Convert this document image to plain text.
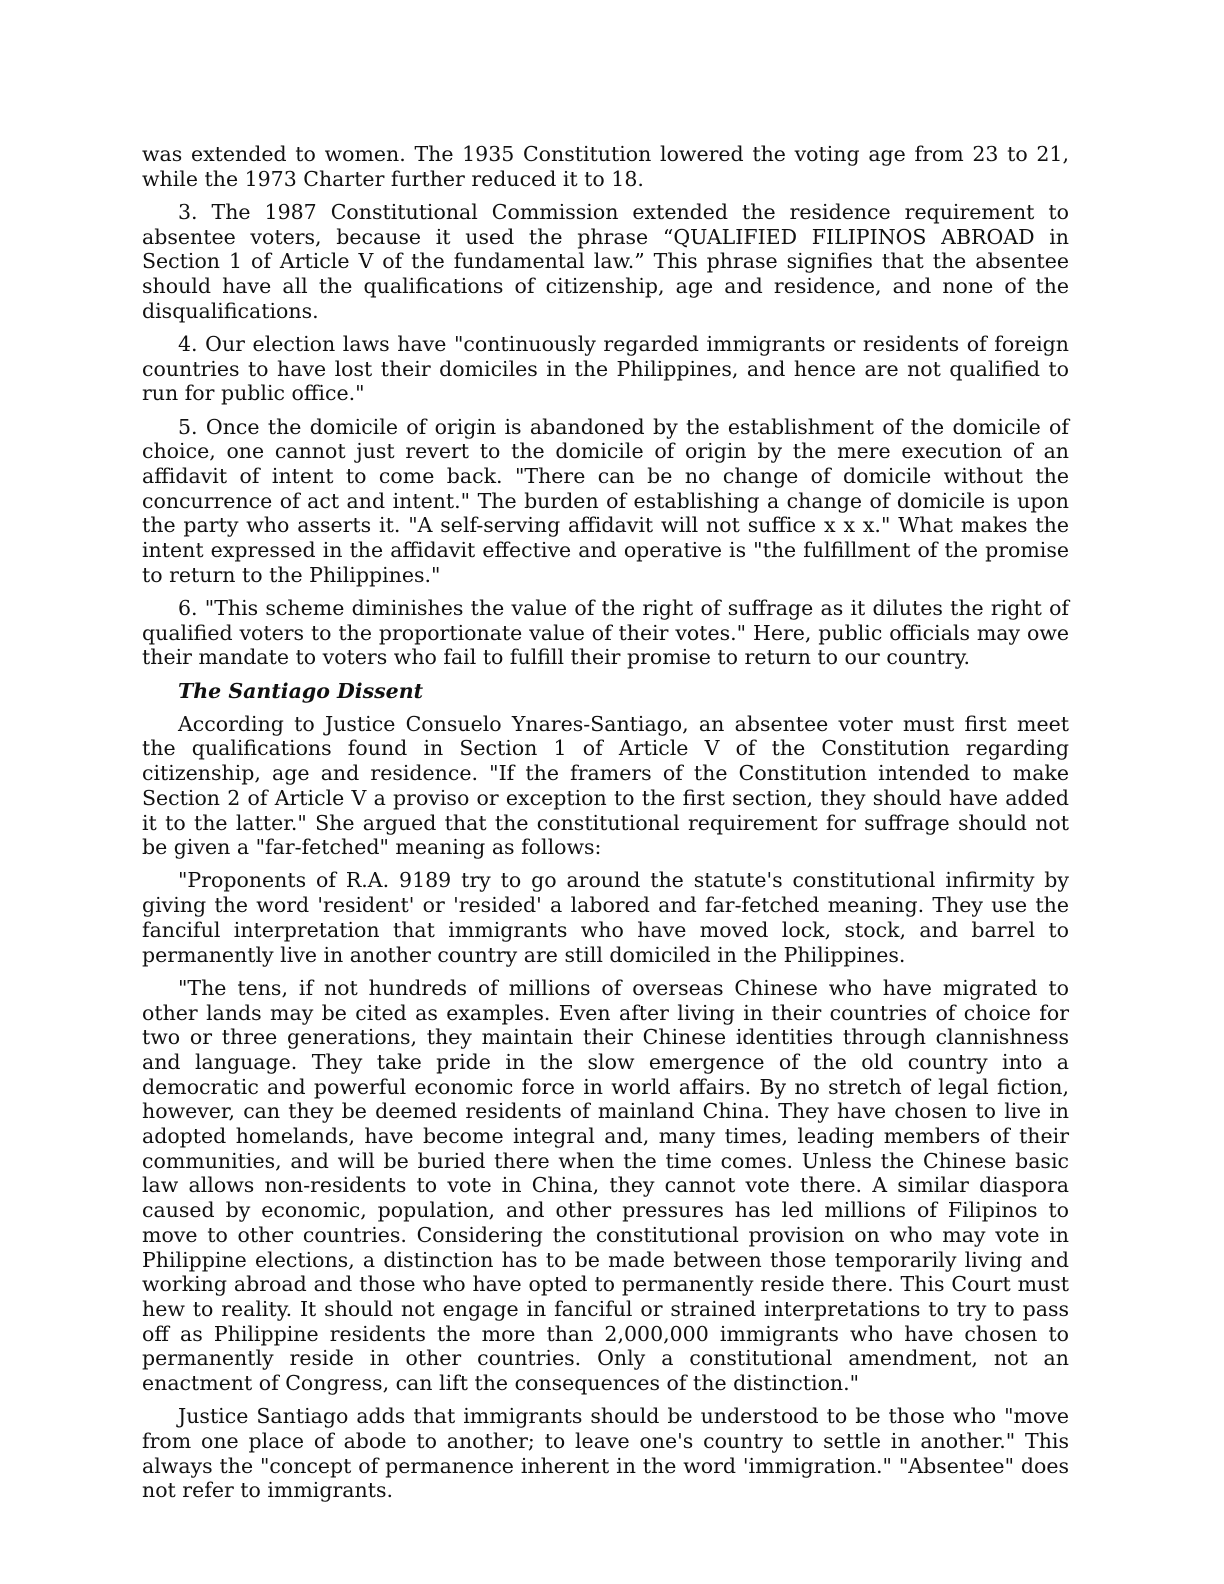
was extended to women. The 1935 Constitution lowered the voting age from 23 to 21, while the 1973 Charter further reduced it to 18.

3. The 1987 Constitutional Commission extended the residence requirement to absentee voters, because it used the phrase “QUALIFIED FILIPINOS ABROAD in Section 1 of Article V of the fundamental law.” This phrase signifies that the absentee should have all the qualifications of citizenship, age and residence, and none of the disqualifications.

4. Our election laws have "continuously regarded immigrants or residents of foreign countries to have lost their domiciles in the Philippines, and hence are not qualified to run for public office."

5. Once the domicile of origin is abandoned by the establishment of the domicile of choice, one cannot just revert to the domicile of origin by the mere execution of an affidavit of intent to come back. "There can be no change of domicile without the concurrence of act and intent." The burden of establishing a change of domicile is upon the party who asserts it. "A self-serving affidavit will not suffice x x x." What makes the intent expressed in the affidavit effective and operative is "the fulfillment of the promise to return to the Philippines."

6. "This scheme diminishes the value of the right of suffrage as it dilutes the right of qualified voters to the proportionate value of their votes." Here, public officials may owe their mandate to voters who fail to fulfill their promise to return to our country.

The Santiago Dissent

According to Justice Consuelo Ynares-Santiago, an absentee voter must first meet the qualifications found in Section 1 of Article V of the Constitution regarding citizenship, age and residence. "If the framers of the Constitution intended to make Section 2 of Article V a proviso or exception to the first section, they should have added it to the latter." She argued that the constitutional requirement for suffrage should not be given a "far-fetched" meaning as follows:

"Proponents of R.A. 9189 try to go around the statute's constitutional infirmity by giving the word 'resident' or 'resided' a labored and far-fetched meaning. They use the fanciful interpretation that immigrants who have moved lock, stock, and barrel to permanently live in another country are still domiciled in the Philippines.

"The tens, if not hundreds of millions of overseas Chinese who have migrated to other lands may be cited as examples. Even after living in their countries of choice for two or three generations, they maintain their Chinese identities through clannishness and language. They take pride in the slow emergence of the old country into a democratic and powerful economic force in world affairs. By no stretch of legal fiction, however, can they be deemed residents of mainland China. They have chosen to live in adopted homelands, have become integral and, many times, leading members of their communities, and will be buried there when the time comes. Unless the Chinese basic law allows non-residents to vote in China, they cannot vote there. A similar diaspora caused by economic, population, and other pressures has led millions of Filipinos to move to other countries. Considering the constitutional provision on who may vote in Philippine elections, a distinction has to be made between those temporarily living and working abroad and those who have opted to permanently reside there. This Court must hew to reality. It should not engage in fanciful or strained interpretations to try to pass off as Philippine residents the more than 2,000,000 immigrants who have chosen to permanently reside in other countries. Only a constitutional amendment, not an enactment of Congress, can lift the consequences of the distinction."

Justice Santiago adds that immigrants should be understood to be those who "move from one place of abode to another; to leave one's country to settle in another." This always the "concept of permanence inherent in the word 'immigration." "Absentee" does not refer to immigrants.
